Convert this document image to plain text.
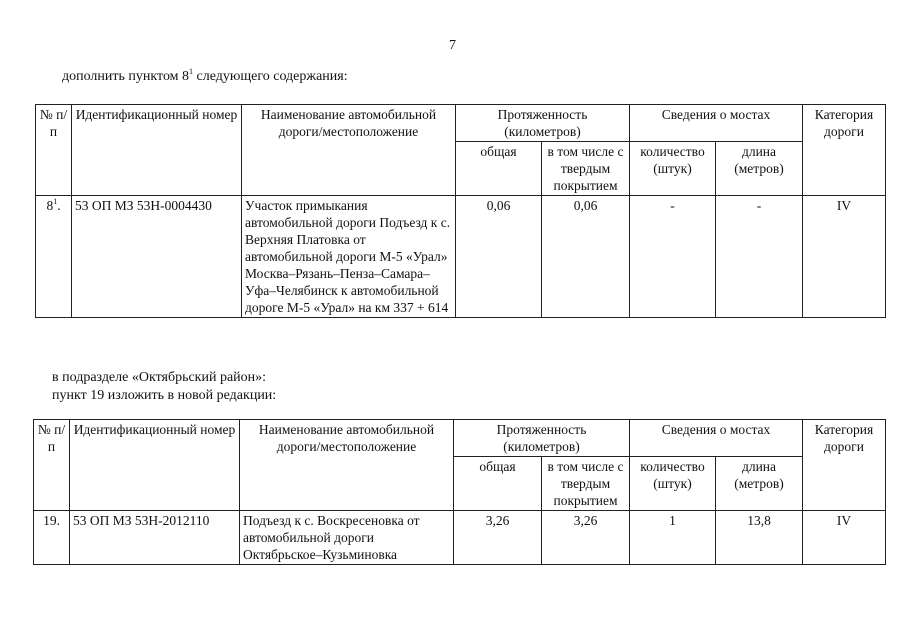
7

дополнить пунктом $8^1$ следующего содержания:

№ п/п	Идентификационный номер	Наименование автомобильной дороги/местоположение	Протяженность (километров)		Сведения о мостах		Категория дороги
			общая	в том числе с твердым покрытием	количество (штук)	длина (метров)	
$8^1$.	53 ОП МЗ 53Н-0004430	Участок примыкания автомобильной дороги Подъезд к с. Верхняя Платовка от автомобильной дороги М-5 «Урал» Москва–Рязань–Пенза–Самара–Уфа–Челябинск к автомобильной дороге М-5 «Урал» на км 337 + 614	0,06	0,06	-	-	IV

в подразделе «Октябрьский район»:

пункт 19 изложить в новой редакции:

№ п/п	Идентификационный номер	Наименование автомобильной дороги/местоположение	Протяженность (километров)		Сведения о мостах		Категория дороги
			общая	в том числе с твердым покрытием	количество (штук)	длина (метров)	
19.	53 ОП МЗ 53Н-2012110	Подъезд к с. Воскресеновка от автомобильной дороги Октябрьское–Кузьминовка	3,26	3,26	1	13,8	IV
